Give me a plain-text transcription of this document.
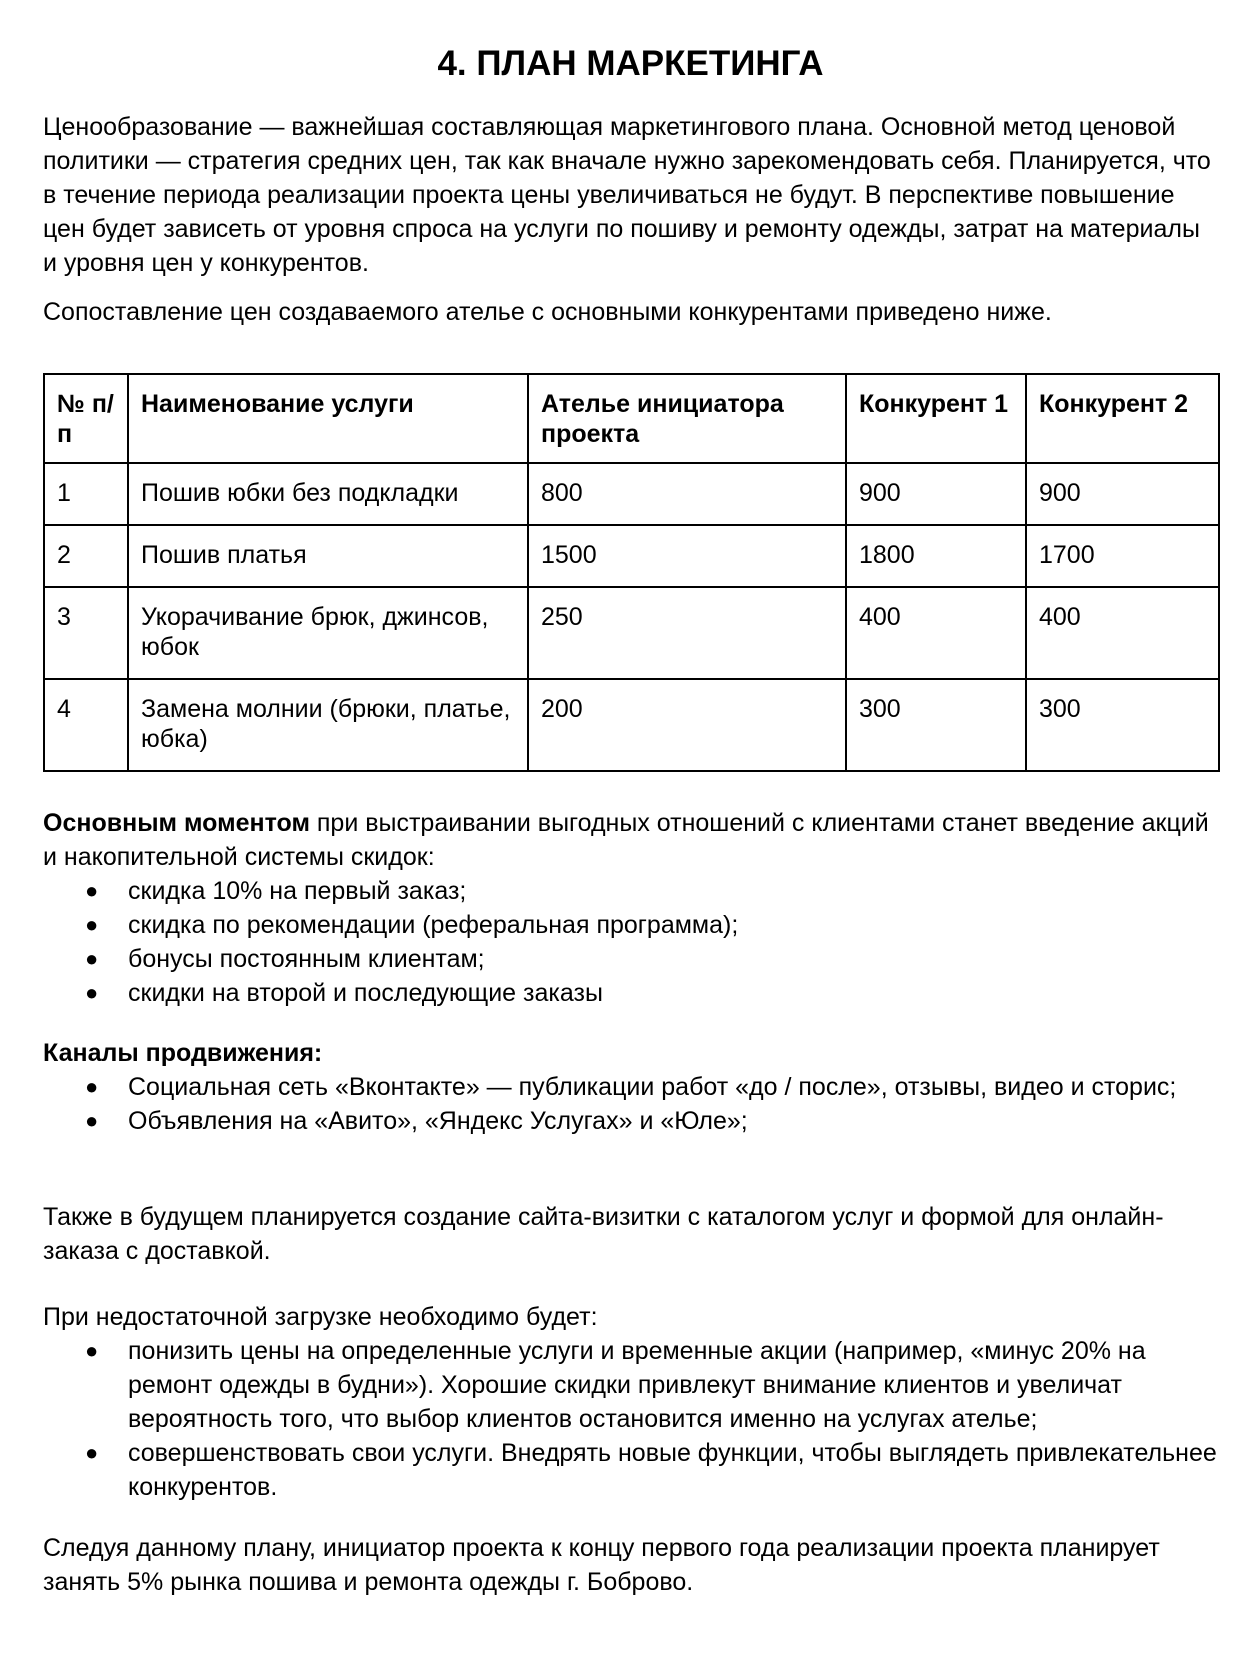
4. ПЛАН МАРКЕТИНГА

Ценообразование — важнейшая составляющая маркетингового плана. Основной метод ценовой политики — стратегия средних цен, так как вначале нужно зарекомендовать себя. Планируется, что в течение периода реализации проекта цены увеличиваться не будут. В перспективе повышение цен будет зависеть от уровня спроса на услуги по пошиву и ремонту одежды, затрат на материалы и уровня цен у конкурентов.

Сопоставление цен создаваемого ателье с основными конкурентами приведено ниже.

№ п/п	Наименование услуги	Ателье инициатора проекта	Конкурент 1	Конкурент 2
1	Пошив юбки без подкладки	800	900	900
2	Пошив платья	1500	1800	1700
3	Укорачивание брюк, джинсов, юбок	250	400	400
4	Замена молнии (брюки, платье, юбка)	200	300	300

Основным моментом при выстраивании выгодных отношений с клиентами станет введение акций и накопительной системы скидок:

● скидка 10% на первый заказ;
● скидка по рекомендации (реферальная программа);
● бонусы постоянным клиентам;
● скидки на второй и последующие заказы

Каналы продвижения:

● Социальная сеть «Вконтакте» — публикации работ «до / после», отзывы, видео и сторис;
● Объявления на «Авито», «Яндекс Услугах» и «Юле»;

Также в будущем планируется создание сайта-визитки с каталогом услуг и формой для онлайн-заказа с доставкой.

При недостаточной загрузке необходимо будет:

● понизить цены на определенные услуги и временные акции (например, «минус 20% на ремонт одежды в будни»). Хорошие скидки привлекут внимание клиентов и увеличат вероятность того, что выбор клиентов остановится именно на услугах ателье;
● совершенствовать свои услуги. Внедрять новые функции, чтобы выглядеть привлекательнее конкурентов.

Следуя данному плану, инициатор проекта к концу первого года реализации проекта планирует занять 5% рынка пошива и ремонта одежды г. Боброво.
